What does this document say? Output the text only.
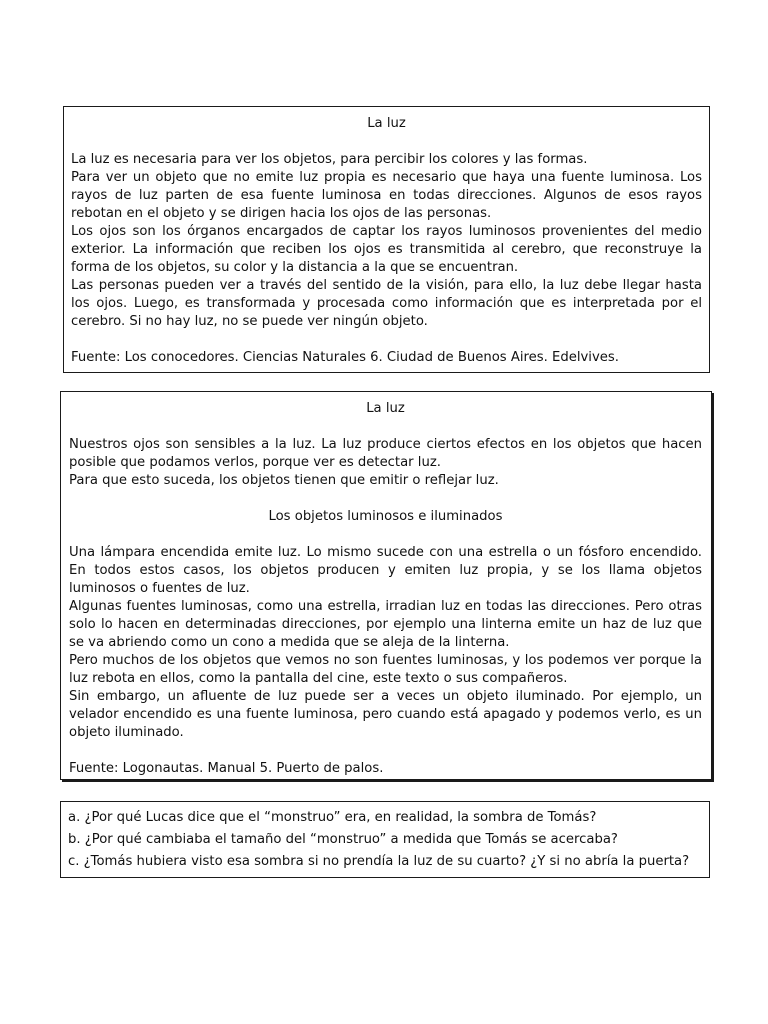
La luz

La luz es necesaria para ver los objetos, para percibir los colores y las formas.

Para ver un objeto que no emite luz propia es necesario que haya una fuente luminosa. Los rayos de luz parten de esa fuente luminosa en todas direcciones. Algunos de esos rayos rebotan en el objeto y se dirigen hacia los ojos de las personas.

Los ojos son los órganos encargados de captar los rayos luminosos provenientes del medio exterior. La información que reciben los ojos es transmitida al cerebro, que reconstruye la forma de los objetos, su color y la distancia a la que se encuentran.

Las personas pueden ver a través del sentido de la visión, para ello, la luz debe llegar hasta los ojos. Luego, es transformada y procesada como información que es interpretada por el cerebro. Si no hay luz, no se puede ver ningún objeto.

Fuente: Los conocedores. Ciencias Naturales 6. Ciudad de Buenos Aires. Edelvives.

La luz

Nuestros ojos son sensibles a la luz. La luz produce ciertos efectos en los objetos que hacen posible que podamos verlos, porque ver es detectar luz.

Para que esto suceda, los objetos tienen que emitir o reflejar luz.

Los objetos luminosos e iluminados

Una lámpara encendida emite luz. Lo mismo sucede con una estrella o un fósforo encendido. En todos estos casos, los objetos producen y emiten luz propia, y se los llama objetos luminosos o fuentes de luz.

Algunas fuentes luminosas, como una estrella, irradian luz en todas las direcciones. Pero otras solo lo hacen en determinadas direcciones, por ejemplo una linterna emite un haz de luz que se va abriendo como un cono a medida que se aleja de la linterna.

Pero muchos de los objetos que vemos no son fuentes luminosas, y los podemos ver porque la luz rebota en ellos, como la pantalla del cine, este texto o sus compañeros.

Sin embargo, un afluente de luz puede ser a veces un objeto iluminado. Por ejemplo, un velador encendido es una fuente luminosa, pero cuando está apagado y podemos verlo, es un objeto iluminado.

Fuente: Logonautas. Manual 5. Puerto de palos.

a. ¿Por qué Lucas dice que el “monstruo” era, en realidad, la sombra de Tomás?

b. ¿Por qué cambiaba el tamaño del “monstruo” a medida que Tomás se acercaba?

c. ¿Tomás hubiera visto esa sombra si no prendía la luz de su cuarto? ¿Y si no abría la puerta?
